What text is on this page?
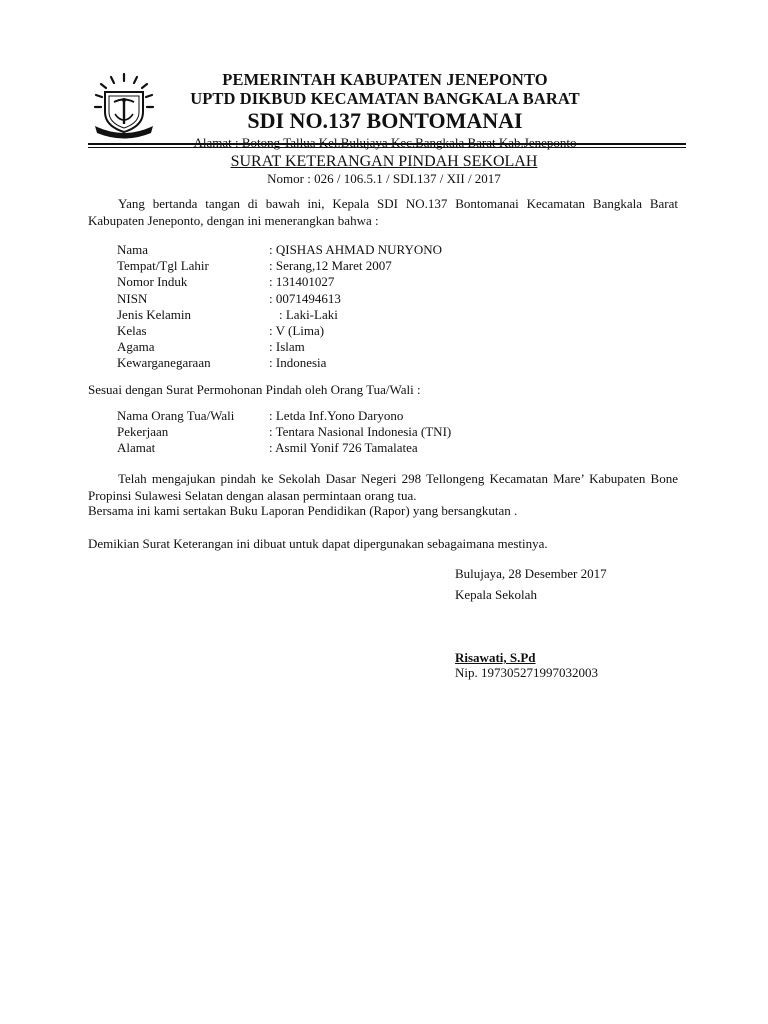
PEMERINTAH KABUPATEN JENEPONTO
UPTD DIKBUD KECAMATAN BANGKALA BARAT
SDI NO.137 BONTOMANAI
Alamat : Botong Tallua Kel.Bulujaya Kec.Bangkala Barat Kab.Jeneponto
SURAT KETERANGAN PINDAH SEKOLAH
Nomor : 026 / 106.5.1 / SDI.137 / XII / 2017
Yang bertanda tangan di bawah ini, Kepala SDI NO.137 Bontomanai Kecamatan Bangkala Barat Kabupaten Jeneponto, dengan ini menerangkan bahwa :
Nama	: QISHAS AHMAD NURYONO
Tempat/Tgl Lahir	: Serang,12 Maret 2007
Nomor Induk	: 131401027
NISN	: 0071494613
Jenis Kelamin	: Laki-Laki
Kelas	: V (Lima)
Agama	: Islam
Kewarganegaraan	: Indonesia
Sesuai dengan Surat Permohonan Pindah oleh Orang Tua/Wali :
Nama Orang Tua/Wali	: Letda Inf.Yono Daryono
Pekerjaan	: Tentara Nasional Indonesia (TNI)
Alamat	: Asmil Yonif 726 Tamalatea
Telah mengajukan pindah ke Sekolah Dasar Negeri 298 Tellongeng Kecamatan Mare’ Kabupaten Bone Propinsi Sulawesi Selatan dengan alasan permintaan orang tua.
Bersama ini kami sertakan Buku Laporan Pendidikan (Rapor) yang bersangkutan .
Demikian Surat Keterangan ini dibuat untuk dapat dipergunakan sebagaimana mestinya.
Bulujaya, 28 Desember 2017
Kepala Sekolah
Risawati, S.Pd
Nip. 197305271997032003
